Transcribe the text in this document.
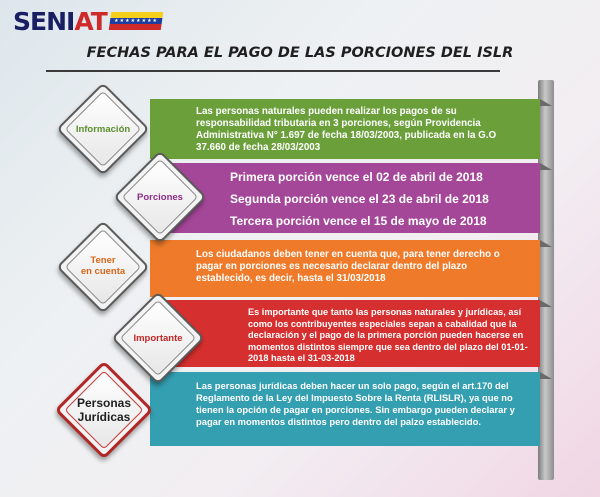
SENIAT	★★★★★★★★
FECHAS PARA EL PAGO DE LAS PORCIONES DEL ISLR
Las personas naturales pueden realizar los pagos de su responsabilidad tributaria en 3 porciones, según Providencia Administrativa N° 1.697 de fecha 18/03/2003, publicada en la G.O 37.660 de fecha 28/03/2003
Primera porción vence el 02 de abril de 2018
Segunda porción vence el 23 de abril de 2018
Tercera porción vence el 15 de mayo de 2018
Los ciudadanos deben tener en cuenta que, para tener derecho o pagar en porciones es necesario declarar dentro del plazo establecido, es decir, hasta el 31/03/2018
Es importante que tanto las personas naturales y jurídicas, así como los contribuyentes especiales sepan a cabalidad que la declaración y el pago de la primera porción pueden hacerse en momentos distintos siempre que sea dentro del plazo del 01-01-2018 hasta el 31-03-2018
Las personas jurídicas deben hacer un solo pago, según el art.170 del Reglamento de la Ley del Impuesto Sobre la Renta (RLISLR), ya que no tienen la opción de pagar en porciones. Sin embargo pueden declarar y pagar en momentos distintos pero dentro del palzo establecido.
Información
Porciones
Tener
en cuenta
Importante
Personas
Jurídicas
